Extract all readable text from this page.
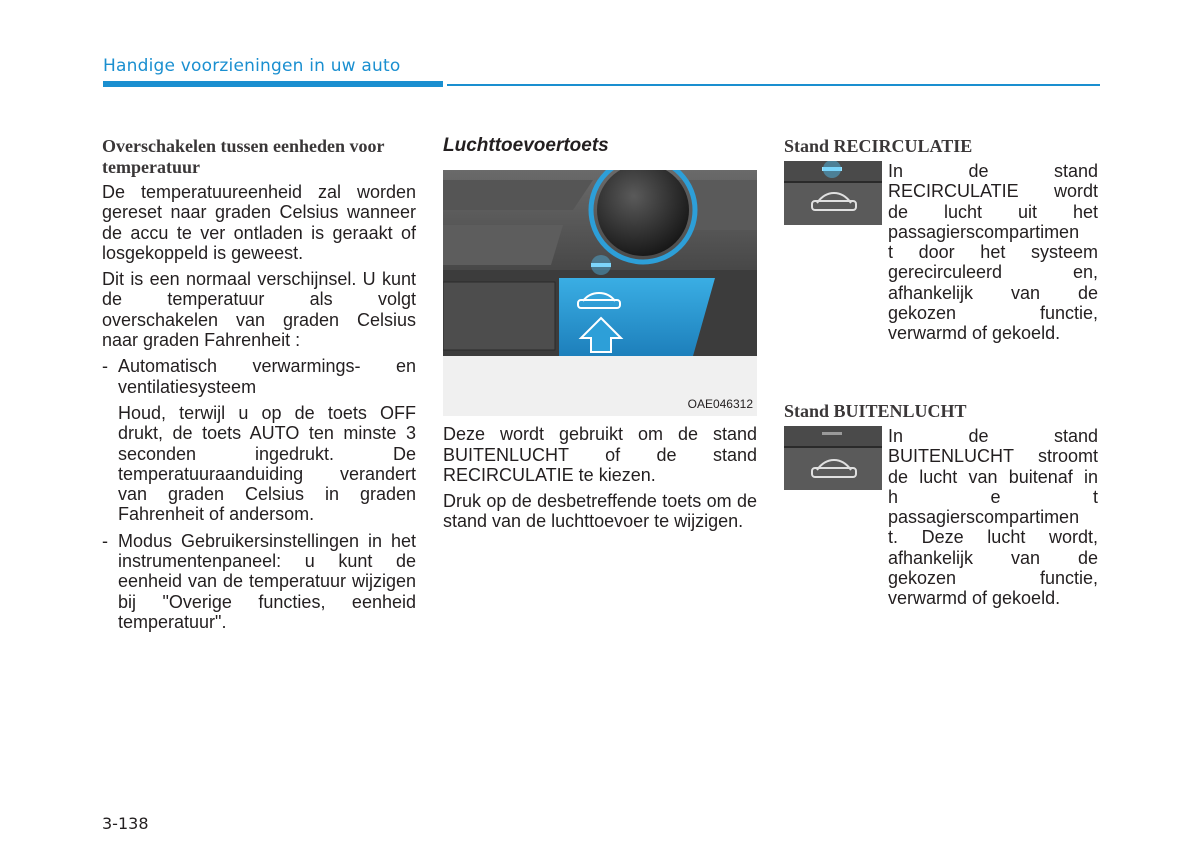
Handige voorzieningen in uw auto
Overschakelen tussen eenheden voor temperatuur

De temperatuureenheid zal worden gereset naar graden Celsius wanneer de accu te ver ontladen is geraakt of losgekoppeld is geweest.

Dit is een normaal verschijnsel. U kunt de temperatuur als volgt overschakelen van graden Celsius naar graden Fahrenheit :

- Automatisch verwarmings- en ventilatiesysteem
Houd, terwijl u op de toets OFF drukt, de toets AUTO ten minste 3 seconden ingedrukt. De temperatuuraanduiding verandert van graden Celsius in graden Fahrenheit of andersom.
- Modus Gebruikersinstellingen in het instrumentenpaneel: u kunt de eenheid van de temperatuur wijzigen bij "Overige functies, eenheid temperatuur".
Luchttoevoertoets
OAE046312

Deze wordt gebruikt om de stand BUITENLUCHT of de stand RECIRCULATIE te kiezen.

Druk op de desbetreffende toets om de stand van de luchttoevoer te wijzigen.

Stand RECIRCULATIE

In de stand

RECIRCULATIE wordt

de lucht uit het

passagierscompartimen

t door het systeem

gerecirculeerd en,

afhankelijk van de

gekozen functie,

verwarmd of gekoeld.

Stand BUITENLUCHT

In de stand

BUITENLUCHT stroomt

de lucht van buitenaf in

h e t

passagierscompartimen

t. Deze lucht wordt,

afhankelijk van de

gekozen functie,

verwarmd of gekoeld.

3-138
